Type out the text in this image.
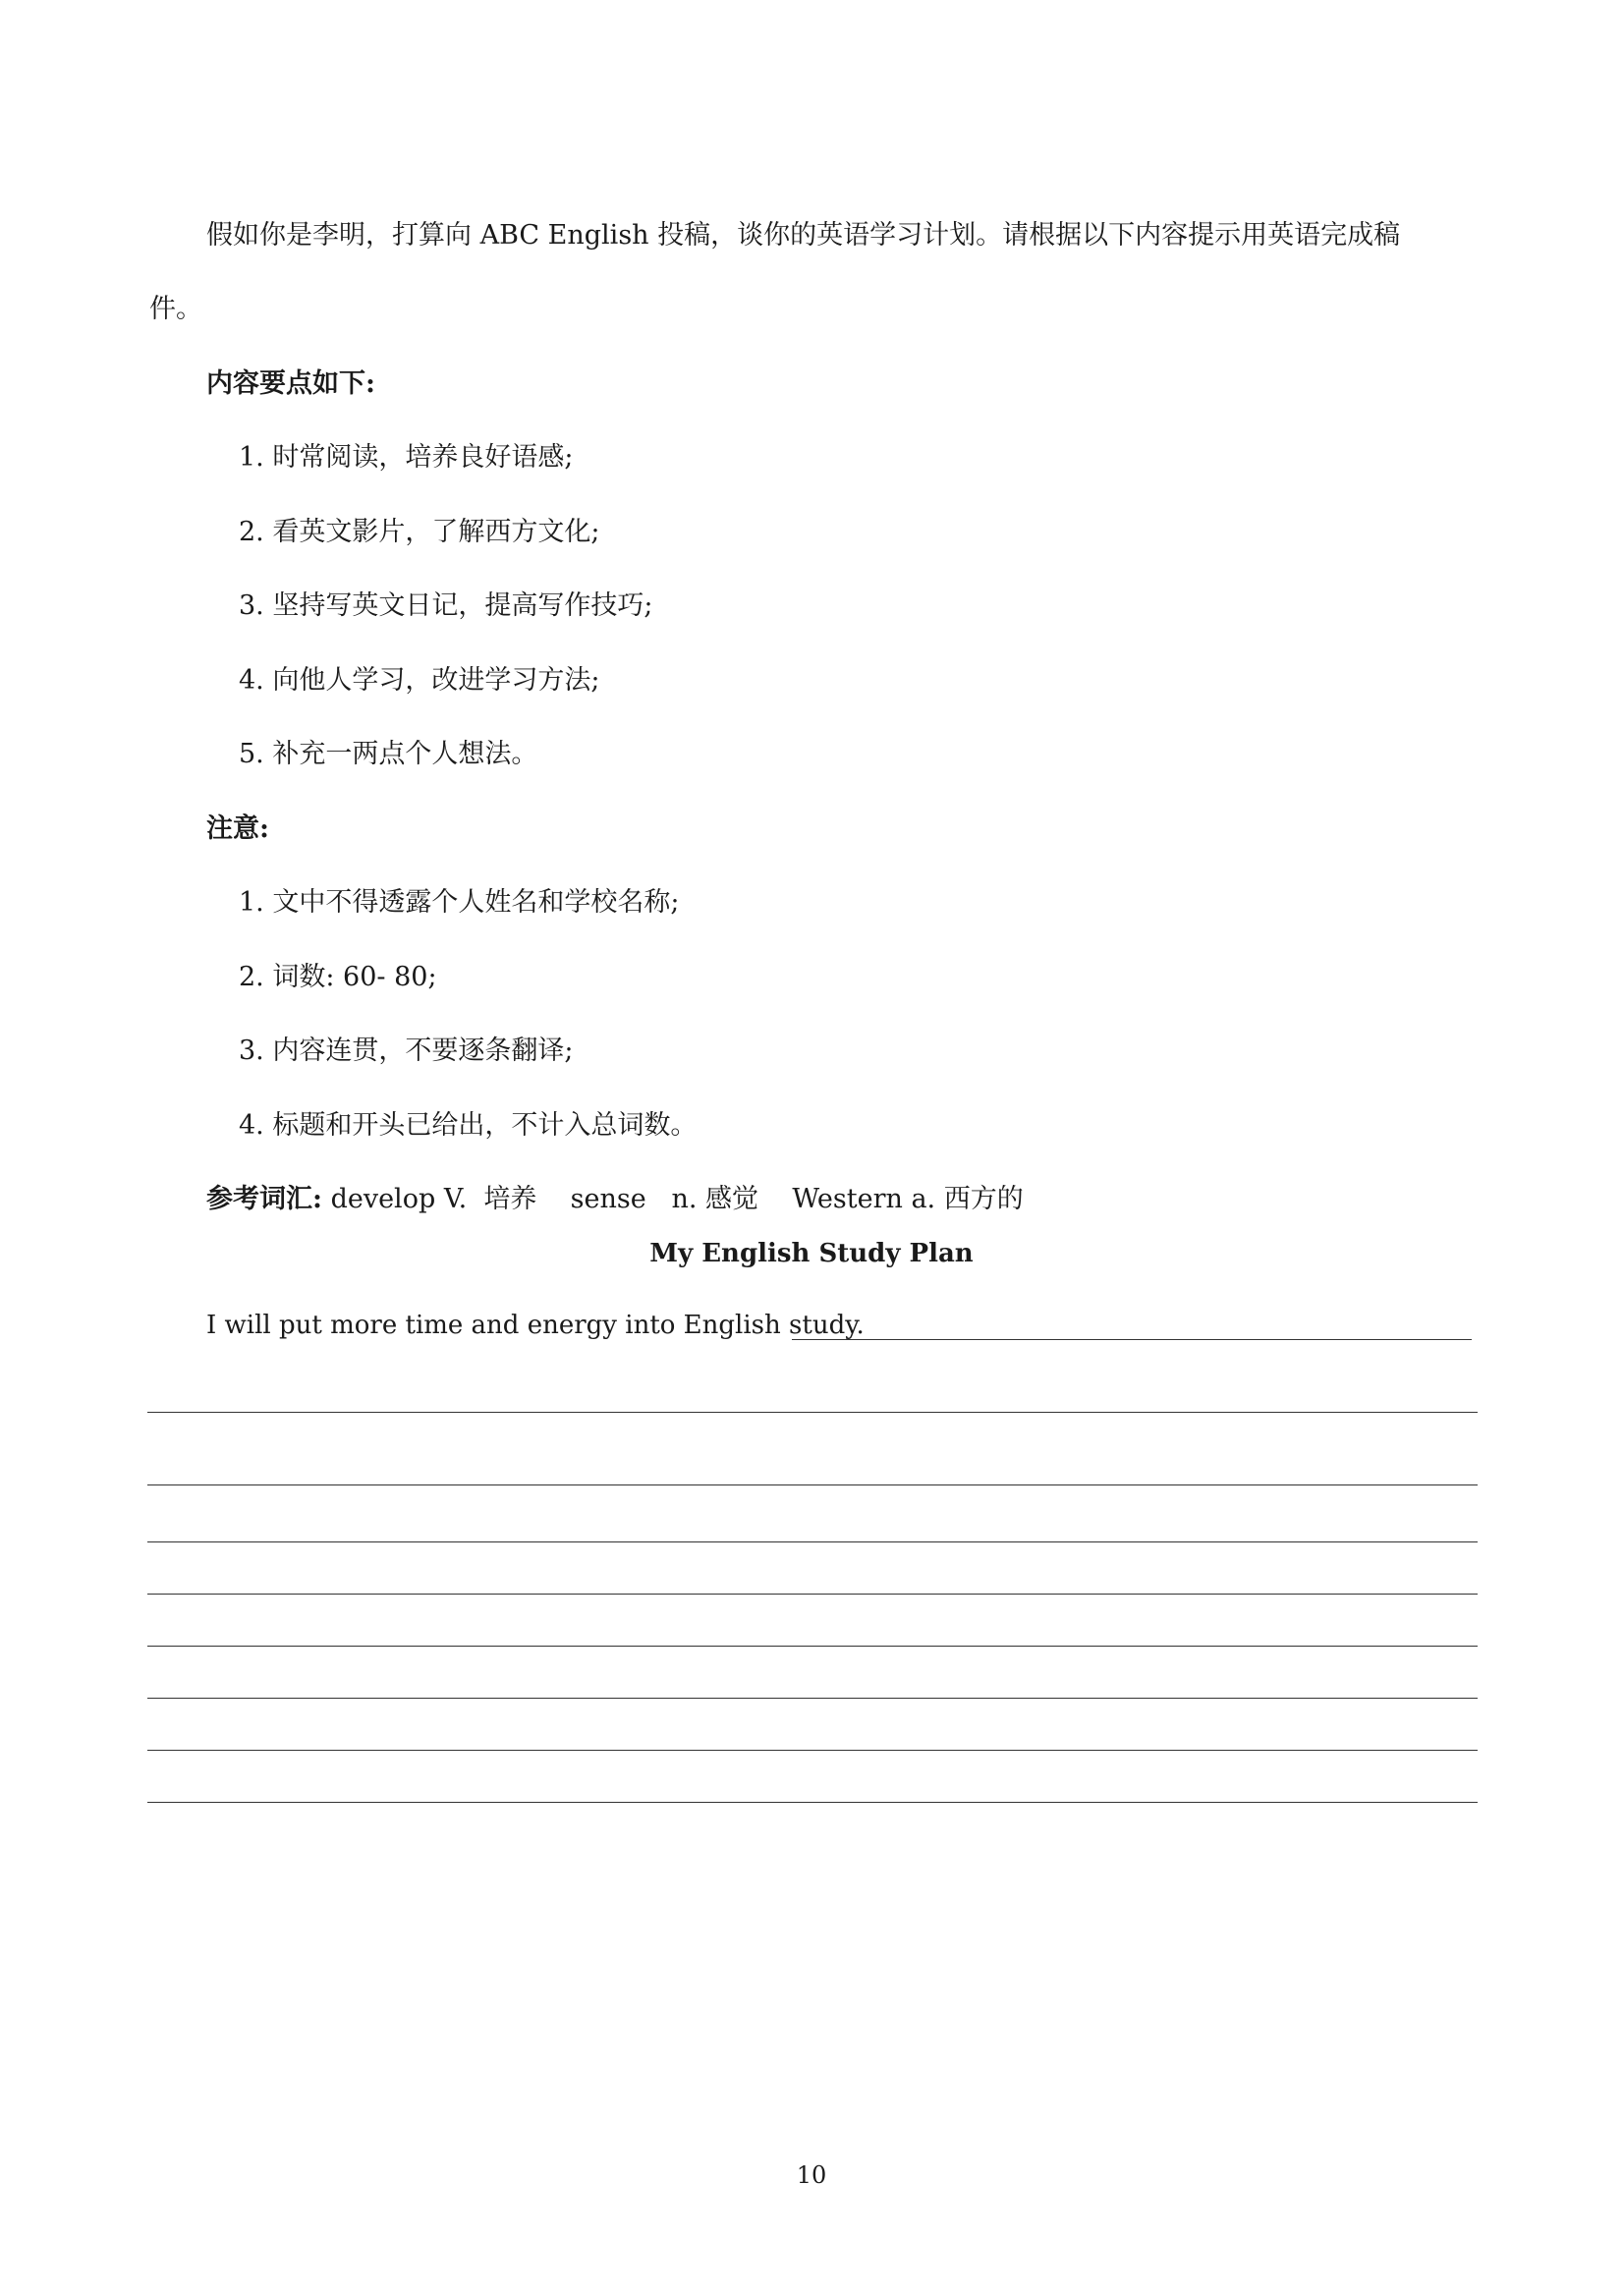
假如你是李明，打算向 ABC English 投稿，谈你的英语学习计划。请根据以下内容提示用英语完成稿

件。

内容要点如下:

1. 时常阅读，培养良好语感;

2. 看英文影片，了解西方文化;

3. 坚持写英文日记，提高写作技巧;

4. 向他人学习，改进学习方法;

5. 补充一两点个人想法。

注意:

1. 文中不得透露个人姓名和学校名称;

2. 词数: 60- 80;

3. 内容连贯，不要逐条翻译;

4. 标题和开头已给出，不计入总词数。

参考词汇: develop V.  培养    sense   n. 感觉    Western a. 西方的

My English Study Plan

I will put more time and energy into English study.

10
